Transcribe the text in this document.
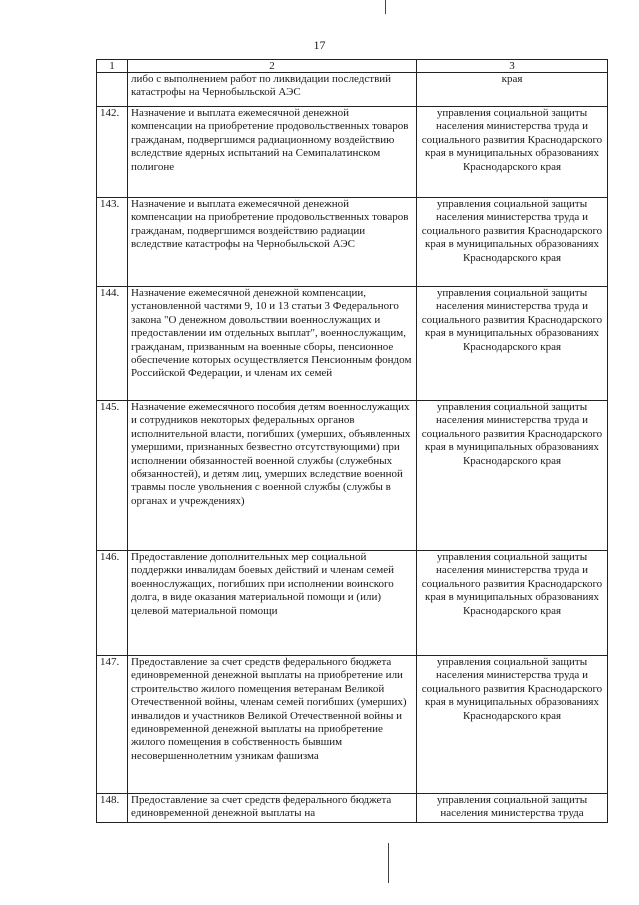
17
1	2	3

	либо с выполнением работ по ликвидации последствий катастрофы на Чернобыльской АЭС	края
142.	Назначение и выплата ежемесячной денежной компенсации на приобретение продовольственных товаров гражданам, подвергшимся радиационному воздействию вследствие ядерных испытаний на Семипалатинском полигоне	управления социальной защиты населения министерства труда и социального развития Краснодарского края в муниципальных образованиях Краснодарского края
143.	Назначение и выплата ежемесячной денежной компенсации на приобретение продовольственных товаров гражданам, подвергшимся воздействию радиации вследствие катастрофы на Чернобыльской АЭС	управления социальной защиты населения министерства труда и социального развития Краснодарского края в муниципальных образованиях Краснодарского края
144.	Назначение ежемесячной денежной компенсации, установленной частями 9, 10 и 13 статьи 3 Федерального закона "О денежном довольствии военнослужащих и предоставлении им отдельных выплат", военнослужащим, гражданам, призванным на военные сборы, пенсионное обеспечение которых осуществляется Пенсионным фондом Российской Федерации, и членам их семей	управления социальной защиты населения министерства труда и социального развития Краснодарского края в муниципальных образованиях Краснодарского края
145.	Назначение ежемесячного пособия детям военнослужащих и сотрудников некоторых федеральных органов исполнительной власти, погибших (умерших, объявленных умершими, признанных безвестно отсутствующими) при исполнении обязанностей военной службы (служебных обязанностей), и детям лиц, умерших вследствие военной травмы после увольнения с военной службы (службы в органах и учреждениях)	управления социальной защиты населения министерства труда и социального развития Краснодарского края в муниципальных образованиях Краснодарского края
146.	Предоставление дополнительных мер социальной поддержки инвалидам боевых действий и членам семей военнослужащих, погибших при исполнении воинского долга, в виде оказания материальной помощи и (или) целевой материальной помощи	управления социальной защиты населения министерства труда и социального развития Краснодарского края в муниципальных образованиях Краснодарского края
147.	Предоставление за счет средств федерального бюджета единовременной денежной выплаты на приобретение или строительство жилого помещения ветеранам Великой Отечественной войны, членам семей погибших (умерших) инвалидов и участников Великой Отечественной войны и единовременной денежной выплаты на приобретение жилого помещения в собственность бывшим несовершеннолетним узникам фашизма	управления социальной защиты населения министерства труда и социального развития Краснодарского края в муниципальных образованиях Краснодарского края
148.	Предоставление за счет средств федерального бюджета единовременной денежной выплаты на	управления социальной защиты населения министерства труда
